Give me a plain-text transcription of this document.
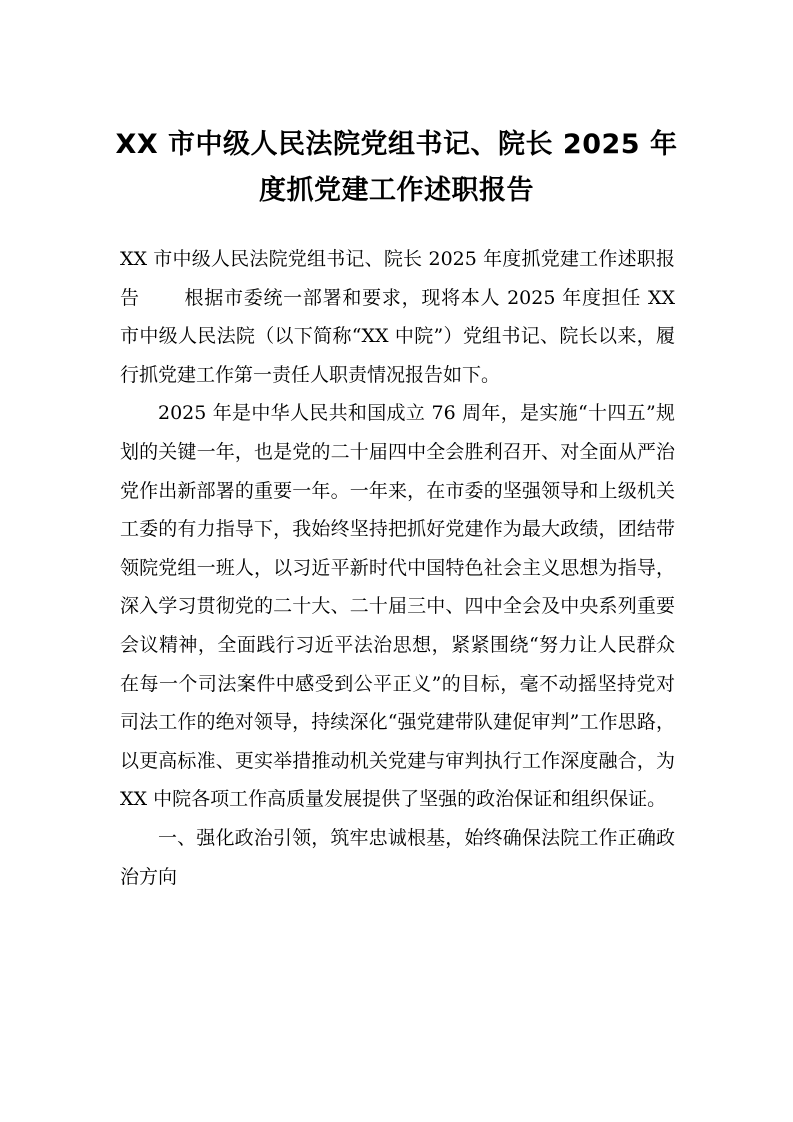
XX 市中级人民法院党组书记、院长 2025 年
度抓党建工作述职报告

XX 市中级人民法院党组书记、院长 2025 年度抓党建工作述职报告 根据市委统一部署和要求，现将本人 2025 年度担任 XX 市中级人民法院（以下简称“XX 中院”）党组书记、院长以来，履行抓党建工作第一责任人职责情况报告如下。

2025 年是中华人民共和国成立 76 周年，是实施“十四五”规划的关键一年，也是党的二十届四中全会胜利召开、对全面从严治党作出新部署的重要一年。一年来，在市委的坚强领导和上级机关工委的有力指导下，我始终坚持把抓好党建作为最大政绩，团结带领院党组一班人，以习近平新时代中国特色社会主义思想为指导，深入学习贯彻党的二十大、二十届三中、四中全会及中央系列重要会议精神，全面践行习近平法治思想，紧紧围绕“努力让人民群众在每一个司法案件中感受到公平正义”的目标，毫不动摇坚持党对司法工作的绝对领导，持续深化“强党建带队建促审判”工作思路，以更高标准、更实举措推动机关党建与审判执行工作深度融合，为 XX 中院各项工作高质量发展提供了坚强的政治保证和组织保证。

一、强化政治引领，筑牢忠诚根基，始终确保法院工作正确政治方向
